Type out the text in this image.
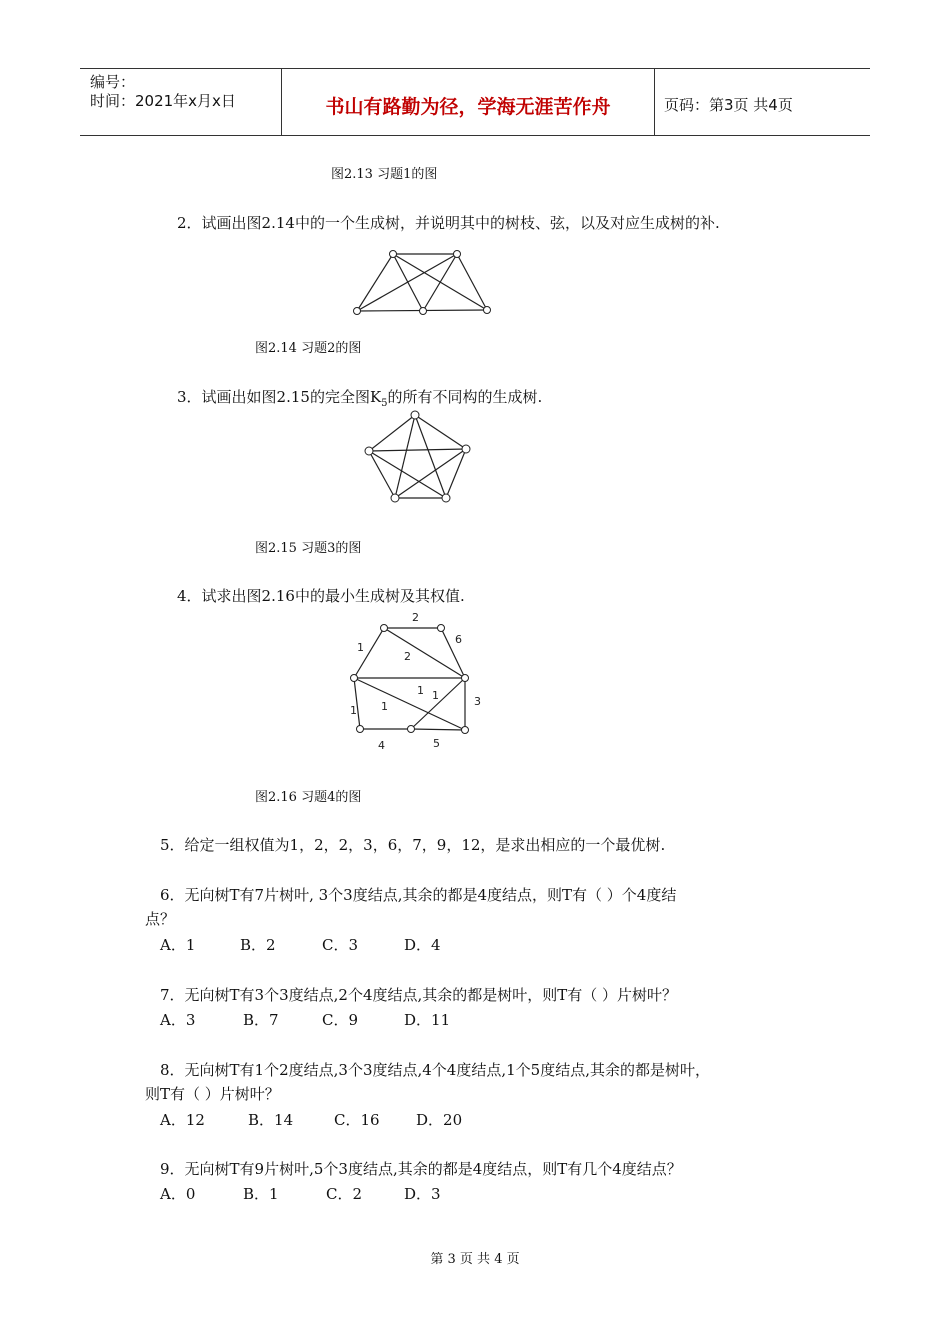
编号：
时间：2021年x月x日	书山有路勤为径，学海无涯苦作舟	页码：第3页 共4页
图2.13 习题1的图
2．试画出图2.14中的一个生成树，并说明其中的树枝、弦，以及对应生成树的补.
图2.14 习题2的图
3．试画出如图2.15的完全图$K_5$的所有不同构的生成树.
图2.15 习题3的图
4．试求出图2.16中的最小生成树及其权值.
2
6
1
2
1 1	3
1
1
4	5
图2.16 习题4的图
5．给定一组权值为1，2，2，3，6，7，9，12，是求出相应的一个最优树.
6．无向树T有7片树叶, 3个3度结点,其余的都是4度结点，则T有（ ）个4度结
点？
A．1	B．2	C．3	D．4
7．无向树T有3个3度结点,2个4度结点,其余的都是树叶，则T有（ ）片树叶？
A．3	B．7	C．9	D．11
8．无向树T有1个2度结点,3个3度结点,4个4度结点,1个5度结点,其余的都是树叶，
则T有（ ）片树叶？
A．12	B．14	C．16 D．20
9．无向树T有9片树叶,5个3度结点,其余的都是4度结点，则T有几个4度结点？
A．0	B．1	C．2	D．3
第 3 页 共 4 页
